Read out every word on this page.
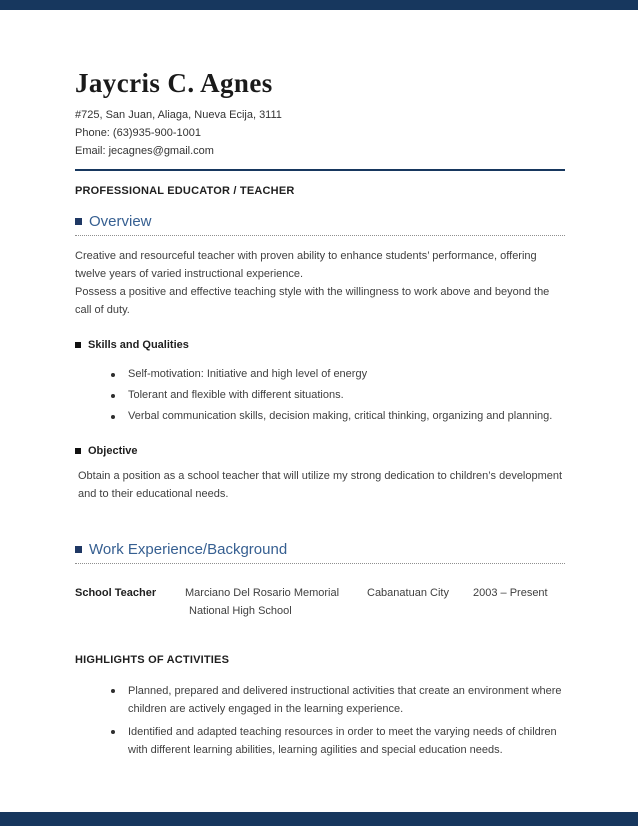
Jaycris C. Agnes
#725, San Juan, Aliaga, Nueva Ecija, 3111
Phone: (63)935-900-1001
Email: jecagnes@gmail.com
PROFESSIONAL EDUCATOR / TEACHER
Overview
Creative and resourceful teacher with proven ability to enhance students’ performance, offering twelve years of varied instructional experience.
Possess a positive and effective teaching style with the willingness to work above and beyond the call of duty.
Skills and Qualities
Self-motivation: Initiative and high level of energy
Tolerant and flexible with different situations.
Verbal communication skills, decision making, critical thinking, organizing and planning.
Objective
Obtain a position as a school teacher that will utilize my strong dedication to children’s development and to their educational needs.
Work Experience/Background
School Teacher	Marciano Del Rosario Memorial
National High School
Cabanatuan City	2003 – Present
HIGHLIGHTS OF ACTIVITIES
Planned, prepared and delivered instructional activities that create an environment where children are actively engaged in the learning experience.
Identified and adapted teaching resources in order to meet the varying needs of children with different learning abilities, learning agilities and special education needs.
